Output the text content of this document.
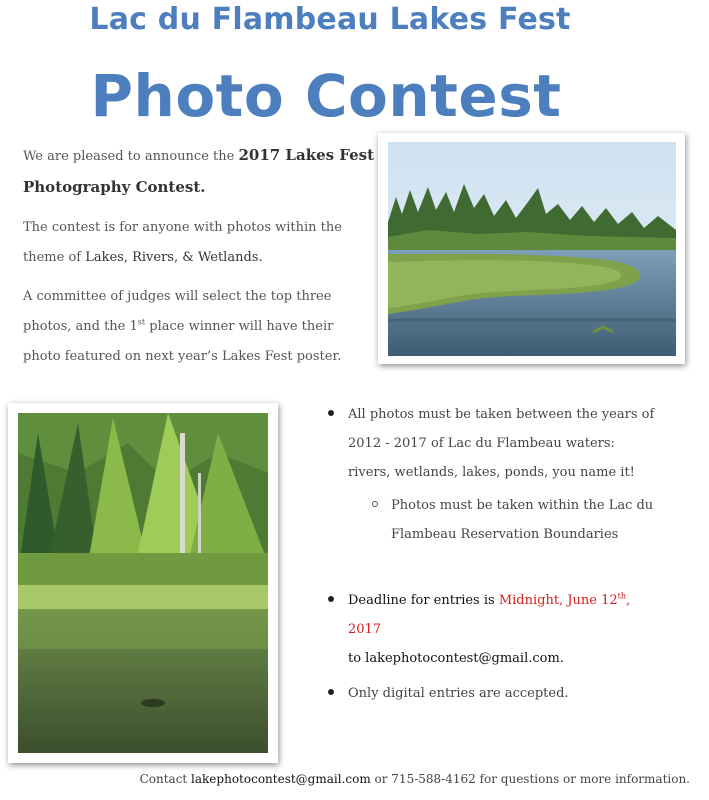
Lac du Flambeau Lakes Fest
Photo Contest

We are pleased to announce the 2017 Lakes Fest Photography Contest.

The contest is for anyone with photos within the theme of Lakes, Rivers, & Wetlands.

A committee of judges will select the top three photos, and the 1st place winner will have their photo featured on next year’s Lakes Fest poster.

All photos must be taken between the years of 2012 - 2017 of Lac du Flambeau waters: rivers, wetlands, lakes, ponds, you name it!
Photos must be taken within the Lac du Flambeau Reservation Boundaries
Deadline for entries is Midnight, June 12th, 2017
to lakephotocontest@gmail.com.
Only digital entries are accepted.
Contact lakephotocontest@gmail.com or 715-588-4162 for questions or more information.
